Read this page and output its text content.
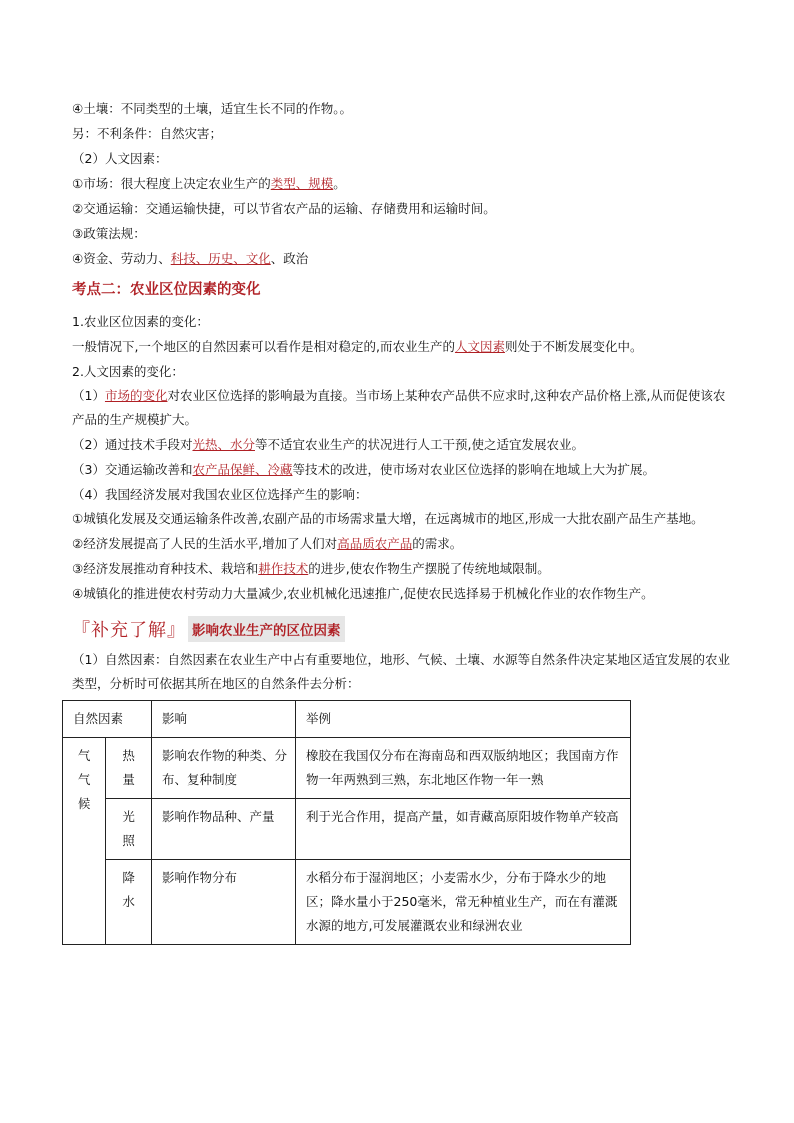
④土壤：不同类型的土壤，适宜生长不同的作物。。
另：不利条件：自然灾害；
（2）人文因素：
①市场：很大程度上决定农业生产的类型、规模。
②交通运输：交通运输快捷，可以节省农产品的运输、存储费用和运输时间。
③政策法规：
④资金、劳动力、科技、历史、文化、政治
考点二：农业区位因素的变化
1.农业区位因素的变化：
一般情况下,一个地区的自然因素可以看作是相对稳定的,而农业生产的人文因素则处于不断发展变化中。
2.人文因素的变化：
（1）市场的变化对农业区位选择的影响最为直接。当市场上某种农产品供不应求时,这种农产品价格上涨,从而促使该农产品的生产规模扩大。
（2）通过技术手段对光热、水分等不适宜农业生产的状况进行人工干预,使之适宜发展农业。
（3）交通运输改善和农产品保鲜、冷藏等技术的改进，使市场对农业区位选择的影响在地域上大为扩展。
（4）我国经济发展对我国农业区位选择产生的影响：
①城镇化发展及交通运输条件改善,农副产品的市场需求量大增，在远离城市的地区,形成一大批农副产品生产基地。
②经济发展提高了人民的生活水平,增加了人们对高品质农产品的需求。
③经济发展推动育种技术、栽培和耕作技术的进步,使农作物生产摆脱了传统地域限制。
④城镇化的推进使农村劳动力大量减少,农业机械化迅速推广,促使农民选择易于机械化作业的农作物生产。
『补充了解』 影响农业生产的区位因素
（1）自然因素：自然因素在农业生产中占有重要地位，地形、气候、土壤、水源等自然条件决定某地区适宜发展的农业类型，分析时可依据其所在地区的自然条件去分析：
自然因素		影响	举例

气
气
候	热
量	影响农作物的种类、分布、复种制度	橡胶在我国仅分布在海南岛和西双版纳地区；我国南方作物一年两熟到三熟，东北地区作物一年一熟

	光
照	影响作物品种、产量	利于光合作用，提高产量，如青藏高原阳坡作物单产较高

	降
水	影响作物分布	水稻分布于湿润地区；小麦需水少，分布于降水少的地区；降水量小于250毫米，常无种植业生产，而在有灌溉水源的地方,可发展灌溉农业和绿洲农业
